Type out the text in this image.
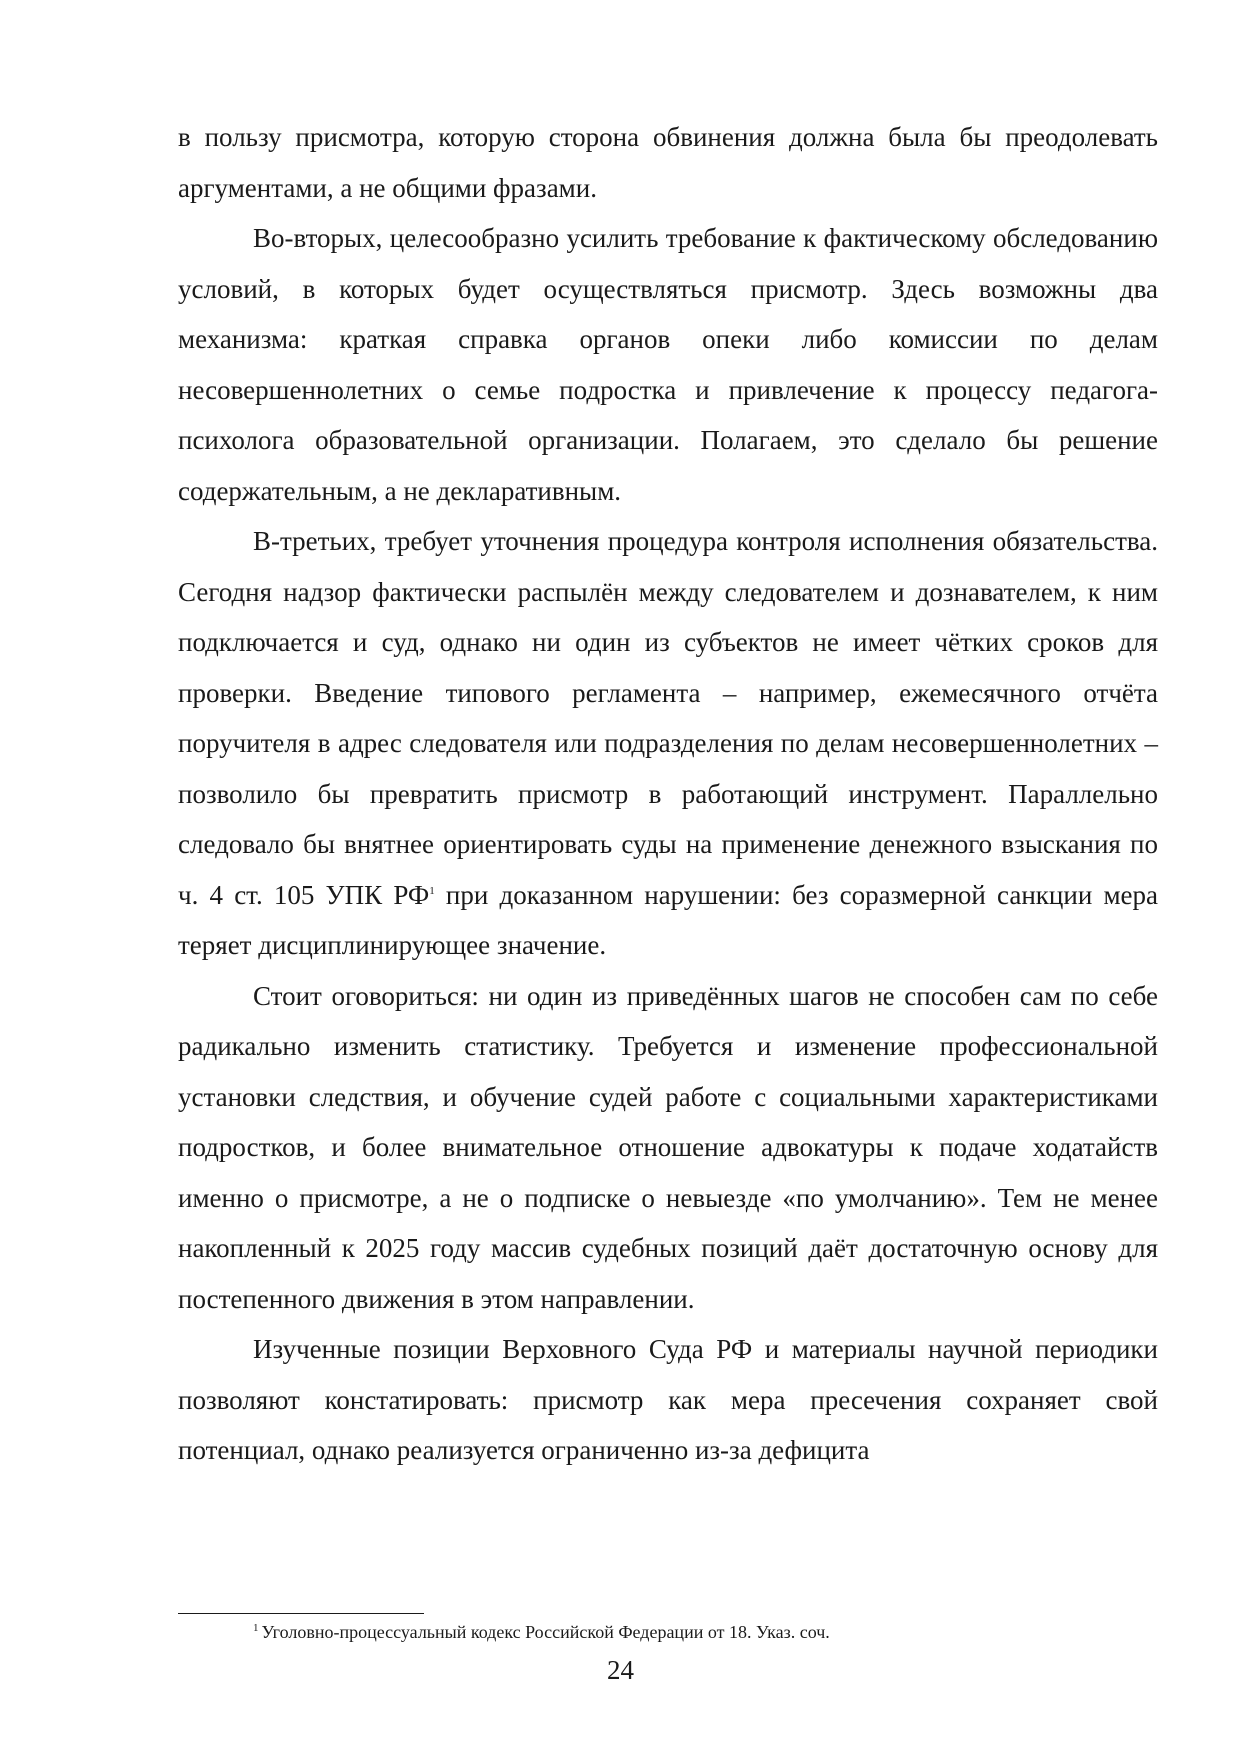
в пользу присмотра, которую сторона обвинения должна была бы преодолевать аргументами, а не общими фразами.

Во-вторых, целесообразно усилить требование к фактическому обследованию условий, в которых будет осуществляться присмотр. Здесь возможны два механизма: краткая справка органов опеки либо комиссии по делам несовершеннолетних о семье подростка и привлечение к процессу педагога-психолога образовательной организации. Полагаем, это сделало бы решение содержательным, а не декларативным.

В-третьих, требует уточнения процедура контроля исполнения обязательства. Сегодня надзор фактически распылён между следователем и дознавателем, к ним подключается и суд, однако ни один из субъектов не имеет чётких сроков для проверки. Введение типового регламента – например, ежемесячного отчёта поручителя в адрес следователя или подразделения по делам несовершеннолетних – позволило бы превратить присмотр в работающий инструмент. Параллельно следовало бы внятнее ориентировать суды на применение денежного взыскания по ч. 4 ст. 105 УПК РФ$^1$ при доказанном нарушении: без соразмерной санкции мера теряет дисциплинирующее значение.

Стоит оговориться: ни один из приведённых шагов не способен сам по себе радикально изменить статистику. Требуется и изменение профессиональной установки следствия, и обучение судей работе с социальными характеристиками подростков, и более внимательное отношение адвокатуры к подаче ходатайств именно о присмотре, а не о подписке о невыезде «по умолчанию». Тем не менее накопленный к 2025 году массив судебных позиций даёт достаточную основу для постепенного движения в этом направлении.

Изученные позиции Верховного Суда РФ и материалы научной периодики позволяют констатировать: присмотр как мера пресечения сохраняет свой потенциал, однако реализуется ограниченно из-за дефицита

$^1$ Уголовно-процессуальный кодекс Российской Федерации от 18. Указ. соч.
24
